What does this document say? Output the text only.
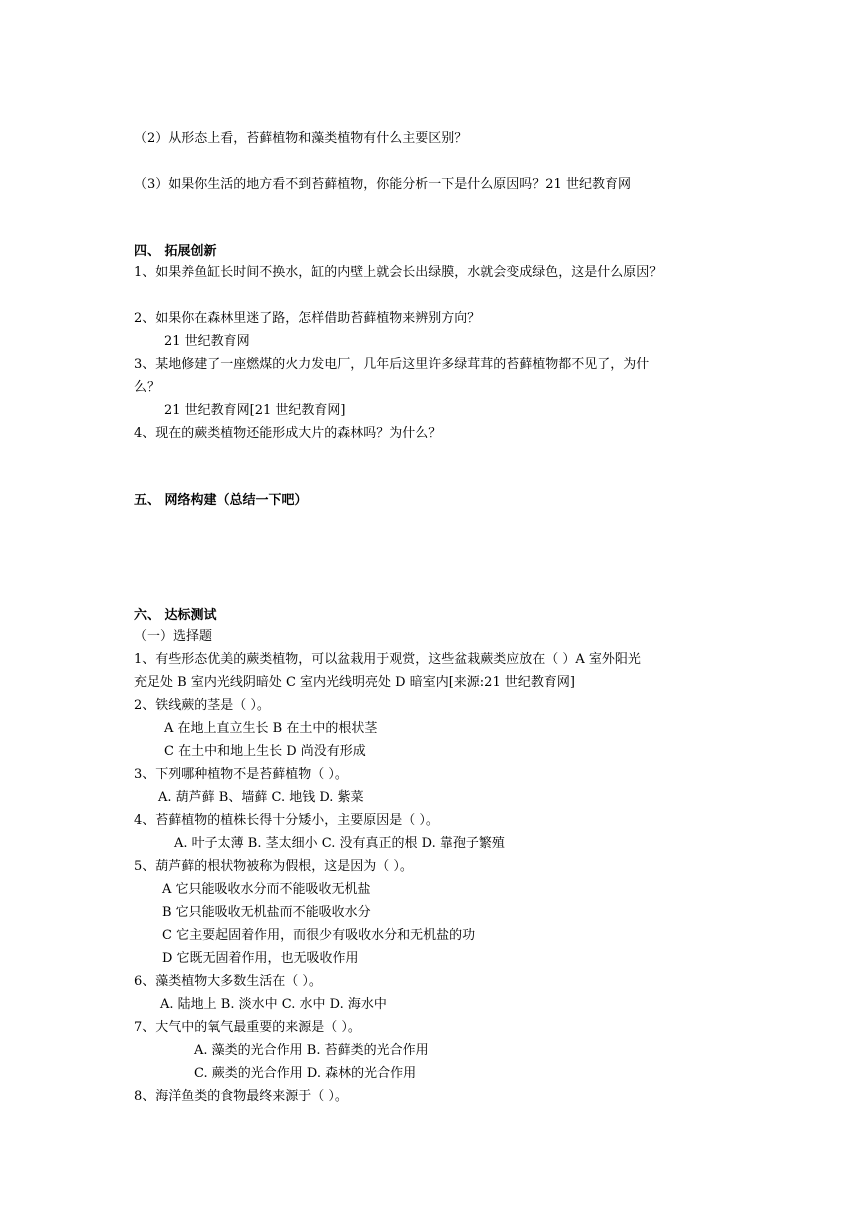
（2）从形态上看，苔藓植物和藻类植物有什么主要区别？
（3）如果你生活的地方看不到苔藓植物，你能分析一下是什么原因吗？21 世纪教育网
四、 拓展创新
1、如果养鱼缸长时间不换水，缸的内壁上就会长出绿膜，水就会变成绿色，这是什么原因？
2、如果你在森林里迷了路，怎样借助苔藓植物来辨别方向？
21 世纪教育网
3、某地修建了一座燃煤的火力发电厂，几年后这里许多绿茸茸的苔藓植物都不见了，为什
么？
21 世纪教育网[21 世纪教育网]
4、现在的蕨类植物还能形成大片的森林吗？为什么？
五、 网络构建（总结一下吧）
六、 达标测试
（一）选择题
1、有些形态优美的蕨类植物，可以盆栽用于观赏，这些盆栽蕨类应放在（ ）A 室外阳光
充足处 B 室内光线阴暗处 C 室内光线明亮处 D 暗室内[来源:21 世纪教育网]
2、铁线蕨的茎是（ ）。
A 在地上直立生长 B 在土中的根状茎
C 在土中和地上生长 D 尚没有形成
3、下列哪种植物不是苔藓植物（ ）。
A. 葫芦藓 B、墙藓 C. 地钱 D. 紫菜
4、苔藓植物的植株长得十分矮小，主要原因是（ ）。
A. 叶子太薄 B. 茎太细小 C. 没有真正的根 D. 靠孢子繁殖
5、葫芦藓的根状物被称为假根，这是因为（ ）。
A 它只能吸收水分而不能吸收无机盐
B 它只能吸收无机盐而不能吸收水分
C 它主要起固着作用，而很少有吸收水分和无机盐的功
D 它既无固着作用，也无吸收作用
6、藻类植物大多数生活在（ ）。
A. 陆地上 B. 淡水中 C. 水中 D. 海水中
7、大气中的氧气最重要的来源是（ ）。
A. 藻类的光合作用 B. 苔藓类的光合作用
C. 蕨类的光合作用 D. 森林的光合作用
8、海洋鱼类的食物最终来源于（ ）。
